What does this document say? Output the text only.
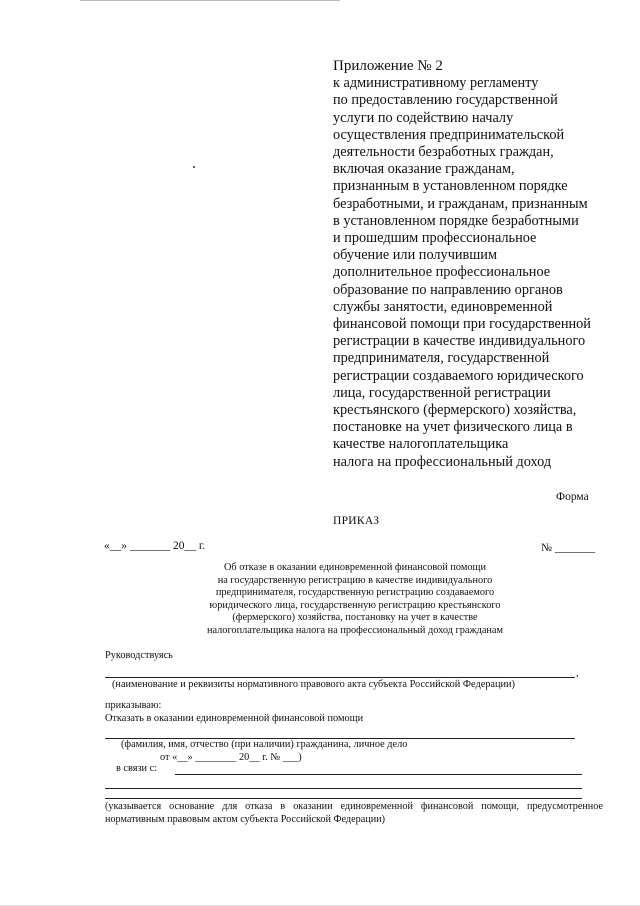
Приложение № 2
к административному регламенту
по предоставлению государственной
услуги по содействию началу
осуществления предпринимательской
деятельности безработных граждан,
включая оказание гражданам,
признанным в установленном порядке
безработными, и гражданам, признанным
в установленном порядке безработными
и прошедшим профессиональное
обучение или получившим
дополнительное профессиональное
образование по направлению органов
службы занятости, единовременной
финансовой помощи при государственной
регистрации в качестве индивидуального
предпринимателя, государственной
регистрации создаваемого юридического
лица, государственной регистрации
крестьянского (фермерского) хозяйства,
постановке на учет физического лица в
качестве налогоплательщика
налога на профессиональный доход
Форма
ПРИКАЗ
«__» _______ 20__ г.	№ _______
Об отказе в оказании единовременной финансовой помощи
на государственную регистрацию в качестве индивидуального
предпринимателя, государственную регистрацию создаваемого
юридического лица, государственную регистрацию крестьянского
(фермерского) хозяйства, постановку на учет в качестве
налогоплательщика налога на профессиональный доход гражданам
Руководствуясь
,
(наименование и реквизиты нормативного правового акта субъекта Российской Федерации)
приказываю:
Отказать в оказании единовременной финансовой помощи
(фамилия, имя, отчество (при наличии) гражданина, личное дело
от «__» ________ 20__ г. № ___)
в связи с:
(указывается основание для отказа в оказании единовременной финансовой помощи, предусмотренное
нормативным правовым актом субъекта Российской Федерации)
